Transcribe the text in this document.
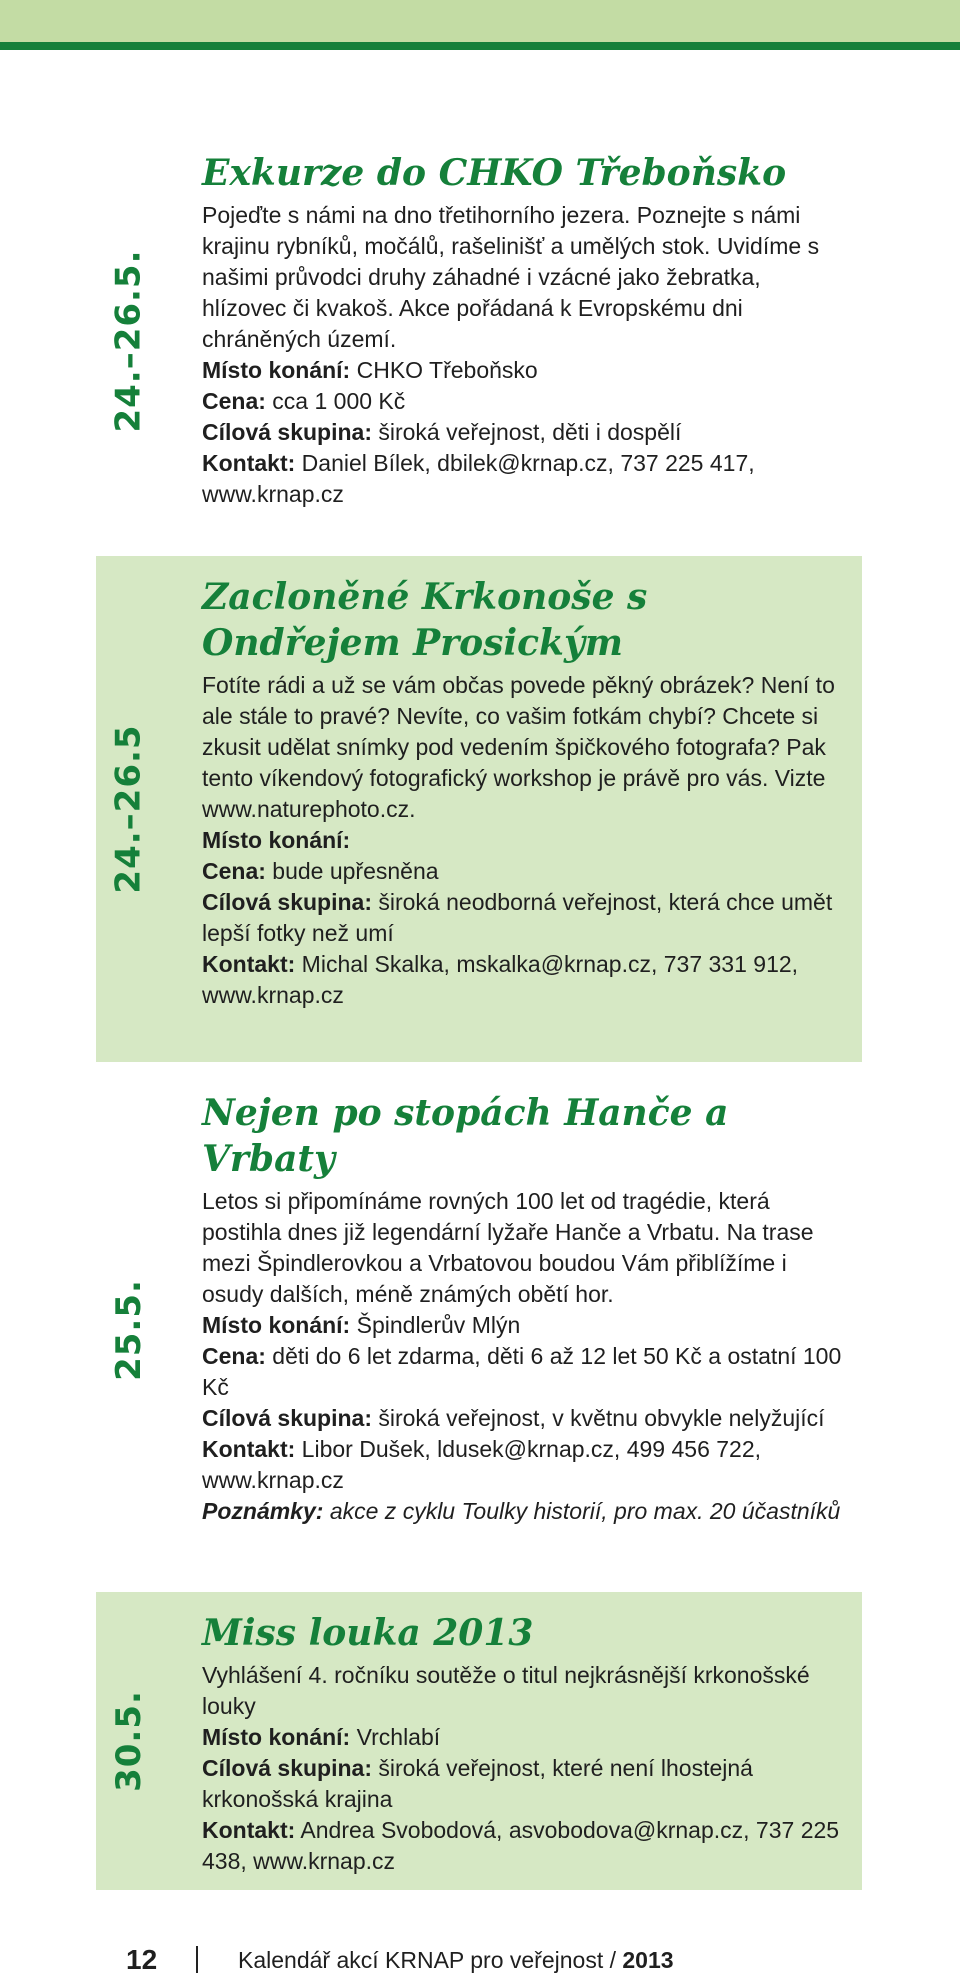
24.–26.5.
Exkurze do CHKO Třeboňsko

Pojeďte s námi na dno třetihorního jezera. Poznejte s námi krajinu rybníků, močálů, rašelinišť a umělých stok. Uvidíme s našimi průvodci druhy záhadné i vzácné jako žebratka, hlízovec či kvakoš. Akce pořádaná k Evropskému dni chráněných území.

Místo konání: CHKO Třeboňsko
Cena: cca 1 000 Kč
Cílová skupina: široká veřejnost, děti i dospělí
Kontakt: Daniel Bílek, dbilek@krnap.cz, 737 225 417, www.krnap.cz
24.–26.5
Zacloněné Krkonoše s Ondřejem Prosickým

Fotíte rádi a už se vám občas povede pěkný obrázek? Není to ale stále to pravé? Nevíte, co vašim fotkám chybí? Chcete si zkusit udělat snímky pod vedením špičkového fotografa? Pak tento víkendový fotografický workshop je právě pro vás. Vizte www.naturephoto.cz.

Místo konání:
Cena: bude upřesněna
Cílová skupina: široká neodborná veřejnost, která chce umět lepší fotky než umí
Kontakt: Michal Skalka, mskalka@krnap.cz, 737 331 912, www.krnap.cz
25.5.
Nejen po stopách Hanče a Vrbaty

Letos si připomínáme rovných 100 let od tragédie, která postihla dnes již legendární lyžaře Hanče a Vrbatu. Na trase mezi Špindlerovkou a Vrbatovou boudou Vám přiblížíme i osudy dalších, méně známých obětí hor.

Místo konání: Špindlerův Mlýn
Cena: děti do 6 let zdarma, děti 6 až 12 let 50 Kč a ostatní 100 Kč
Cílová skupina: široká veřejnost, v květnu obvykle nelyžující
Kontakt: Libor Dušek, ldusek@krnap.cz, 499 456 722, www.krnap.cz
Poznámky: akce z cyklu Toulky historií, pro max. 20 účastníků
30.5.
Miss louka 2013

Vyhlášení 4. ročníku soutěže o titul nejkrásnější krkonošské louky

Místo konání: Vrchlabí
Cílová skupina: široká veřejnost, které není lhostejná krkonošská krajina
Kontakt: Andrea Svobodová, asvobodova@krnap.cz, 737 225 438, www.krnap.cz
12	Kalendář akcí KRNAP pro veřejnost / 2013
